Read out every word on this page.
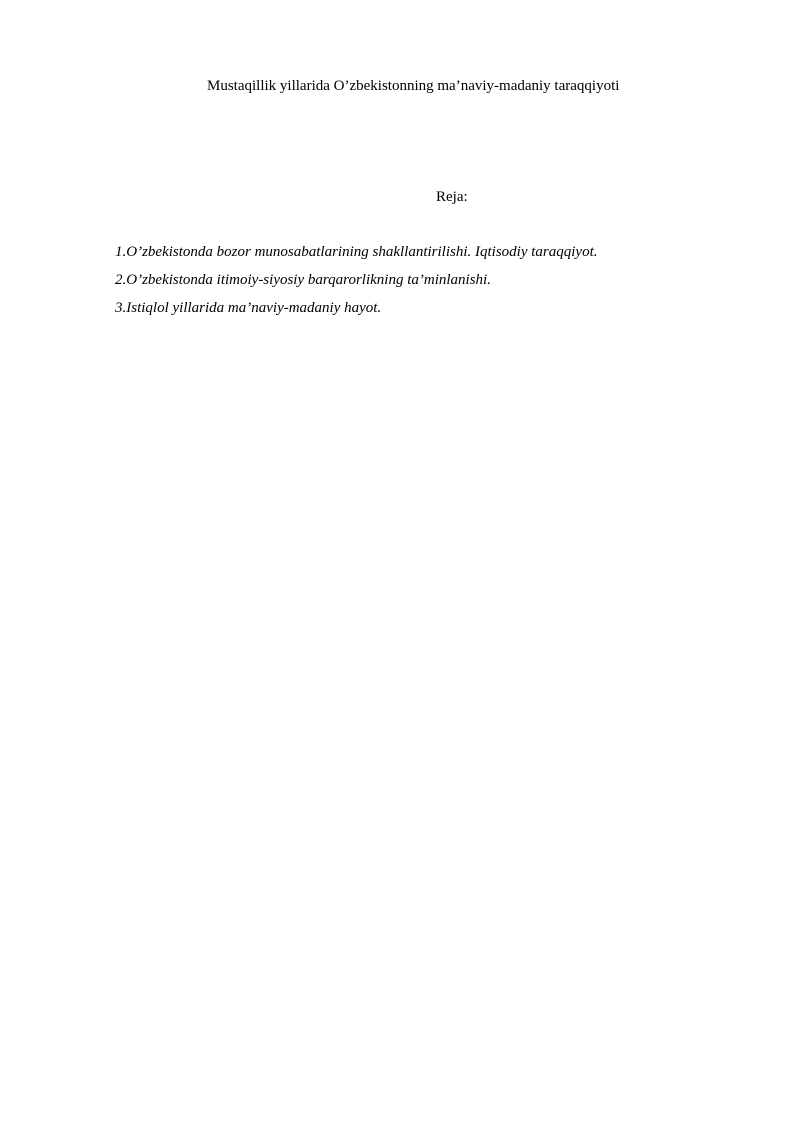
Mustaqillik yillarida O’zbekistonning ma’naviy-madaniy taraqqiyoti
Reja:
1.O’zbekistonda bozor munosabatlarining shakllantirilishi. Iqtisodiy taraqqiyot.
2.O’zbekistonda itimoiy-siyosiy barqarorlikning ta’minlanishi.
3.Istiqlol yillarida ma’naviy-madaniy hayot.
